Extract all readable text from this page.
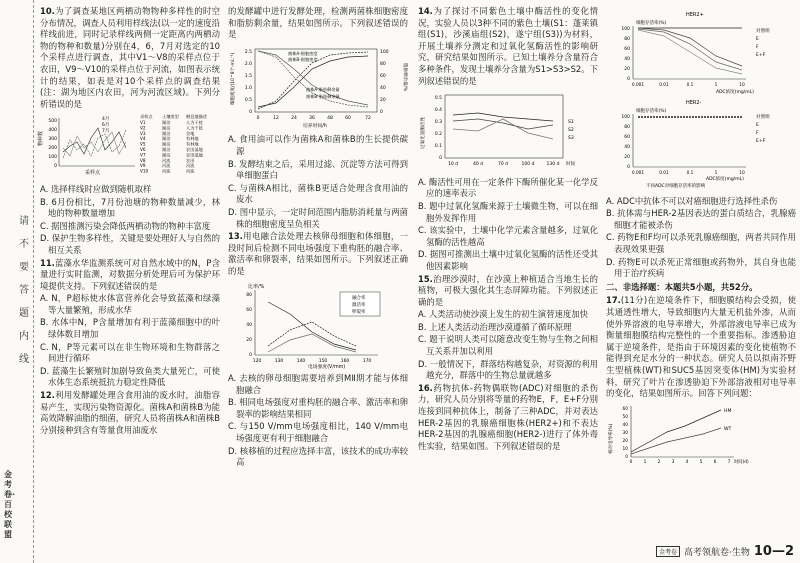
请
不
要
答
题
内
线
金考卷·百校联盟

10.为了调查某地区两栖动物物种多样性的时空分布情况，调查人员利用样线法(以一定的速度沿样线前进，同时记录样线两侧一定距离内两栖动物的物种和数量)分别在4，6，7月对选定的10个采样点进行调查，其中V1～V8的采样点位于农田，V9～V10的采样点位于河流，如图表示统计的结果，如表是对10个采样点的调查结果(注：湖为地区内农田，河为河流区域)。下列分析错误的是

物种数
500
400
300
200
100
0
采样点
4月
6月
7月
采样点 土壤类型 栖息地描述
V1	湖泊	人为干扰
V2	湖泊	人为干扰
V3	湖泊	谷地
V4	湖泊	有林地
V5	湖泊	有林地
V6	湖泊	农田湿地
V7	湖泊	农田湿地
V8	河流	农田
V9	河流	河流
V10	河流	河流

A. 选择样线时应做到随机取样

B. 6月份相比，7月份池塘的物种数量减少，林地的物种数量增加

C. 据图推测污染会降低两栖动物的物种丰富度

D. 保护生物多样性，关键是要处理好人与自然的相互关系

11.蓝藻水华监测系统可对自然水域中的N，P含量进行实时监测，对数据分析处理后可为保护环境提供支持。下列叙述错误的是

A. N，P超标使水体富营养化会导致蓝藻和绿藻等大量繁殖，形成水华

B. 水体中N，P含量增加有利于蓝藻细胞中的叶绿体数目增加

C. N，P等元素可以在非生物环境和生物群落之间进行循环

D. 蓝藻生长繁殖时加剧导致鱼类大量死亡，可使水体生态系统抵抗力稳定性降低

12.利用发酵罐处理含食用油的废水时，油脂容易产生，实现污染物资源化。菌株A和菌株B为能高效降解油脂的细菌，研究人员将菌株A和菌株B分别接种到含有等量食用油废水

的发酵罐中进行发酵处理，检测两菌株细胞密度和脂肪剩余量，结果如图所示。下列叙述错误的是

细胞密度/(10^8个·mL⁻¹)	脂肪剩余量/%
2.5
2.0
1.5
1.0
0.5
0
100
80
60
40
20
0
菌株A-细胞密度
菌株B-细胞密度
菌株A-脂肪剩余量
菌株B-脂肪剩余量
0	12	24	36	48	60	72
培养时间/h

A. 食用油可以作为菌株A和菌株B的生长提供碳源

B. 发酵结束之后，采用过滤、沉淀等方法可得到单细胞蛋白

C. 与菌株A相比，菌株B更适合处理含食用油的废水

D. 图中显示，一定时间范围内脂肪消耗量与两菌株的细胞密度呈负相关

13.用电融合法处理去核卵母细胞和体细胞，一段时间后检测不同电场强度下重构胚的融合率、激活率和卵裂率，结果如图所示。下列叙述正确的是

比率/%
80
60
40
20
0
融合率
激活率
卵裂率
120	130	140	150	160	170
电场强度(V/mm)

A. 去核的卵母细胞需要培养到MⅡ期才能与体细胞融合

B. 相同电场强度对重构胚的融合率、激活率和卵裂率的影响结果相同

C. 与150 V/mm电场强度相比，140 V/mm电场强度更有利于细胞融合

D. 核移植的过程应选择丰富，该技术的成功率较高

14.为了探讨不同紫色土壤中酶活性的变化情况，实验人员以3种不同的紫色土壤(S1：蓬莱镇组(S1)，沙溪庙组(S2)，遂宁组(S3))为材料，开展土壤养分测定和过氧化氢酶活性的影响研究，研究结果如图所示。已知土壤养分含量符合多种条件，发现土壤养分含量为S1>S3>S2。下列叙述错误的是

过氧化氢酶活性
0.5
0.4
0.3
0.2
0.1
0
S1
S2
S3
10 d	40 d	70 d	100 d	130 d 时间

A. 酶活性可用在一定条件下酶所催化某一化学反应的速率表示

B. 题中过氧化氢酶来源于土壤微生物，可以在细胞外发挥作用

C. 该实验中，土壤中化学元素含量越多，过氧化氢酶的活性越高

D. 据图可推测出土壤中过氧化氢酶的活性还受其他因素影响

15.治理沙漠时，在沙漠上种植适合当地生长的植物，可极大强化其生态屏障功能。下列叙述正确的是

A. 人类活动使沙漠上发生的初生演替速度加快

B. 上述人类活动治理沙漠遵循了循环原理

C. 题干说明人类可以随意改变生物与生物之间相互关系并加以利用

D. 一般情况下，群落结构越复杂，对资源的利用越充分，群落中的生物总量就越多

16.药物抗体-药物偶联物(ADC)对细胞的杀伤力，研究人员分别将等量的药物E，F，E+F分别连接到同种抗体上，制备了三种ADC，并对表达HER-2基因的乳腺癌细胞株(HER2+)和不表达HER-2基因的乳腺癌细胞(HER2-)进行了体外毒性实验，结果如图。下列叙述错误的是

HER2+
细胞存活率(%)
100
80
60
40
20
0
对照组
E
F
E+F
0.001	0.01	0.1	1	10
ADC浓度(mg/mL)
HER2-
细胞存活率(%)
100
80
60
40
20
0
对照组
E
F
E+F
0.001	0.01	0.1	1	10
ADC浓度(mg/mL)
不同ADC对细胞存活率的影响

A. ADC中抗体不可以对癌细胞进行选择性杀伤

B. 抗体需与HER-2基因表达的蛋白质结合，乳腺癌细胞才能被杀伤

C. 药物E和F均可以杀死乳腺癌细胞，两者共同作用表现效果更强

D. 药物E可以杀死正常细胞或药物外，其自身也能用于治疗疾病

二、非选择题：本题共5小题，共52分。

17.(11分)在逆境条件下，细胞膜结构会受损，使其通透性增大，导致细胞内大量无机盐外渗，从而使外界溶液的电导率增大，外部溶液电导率已成为衡量细胞膜结构完整性的一个重要指标。渗透胁迫属于逆境条件，是指由于环境因素的变化使植物不能得到充足水分的一种状态。研究人员以拟南芥野生型植株(WT)和SUC5基因突变体(HM)为实验材料，研究了叶片在渗透胁迫下外部溶液相对电导率的变化，结果如图所示。回答下列问题：

相对电导率(%)
60
50
40
30
20
10
0
HM
WT
0	1	2	3	4	5	6	7 时间(d)
金考卷 高考领航卷·生物 10—2
